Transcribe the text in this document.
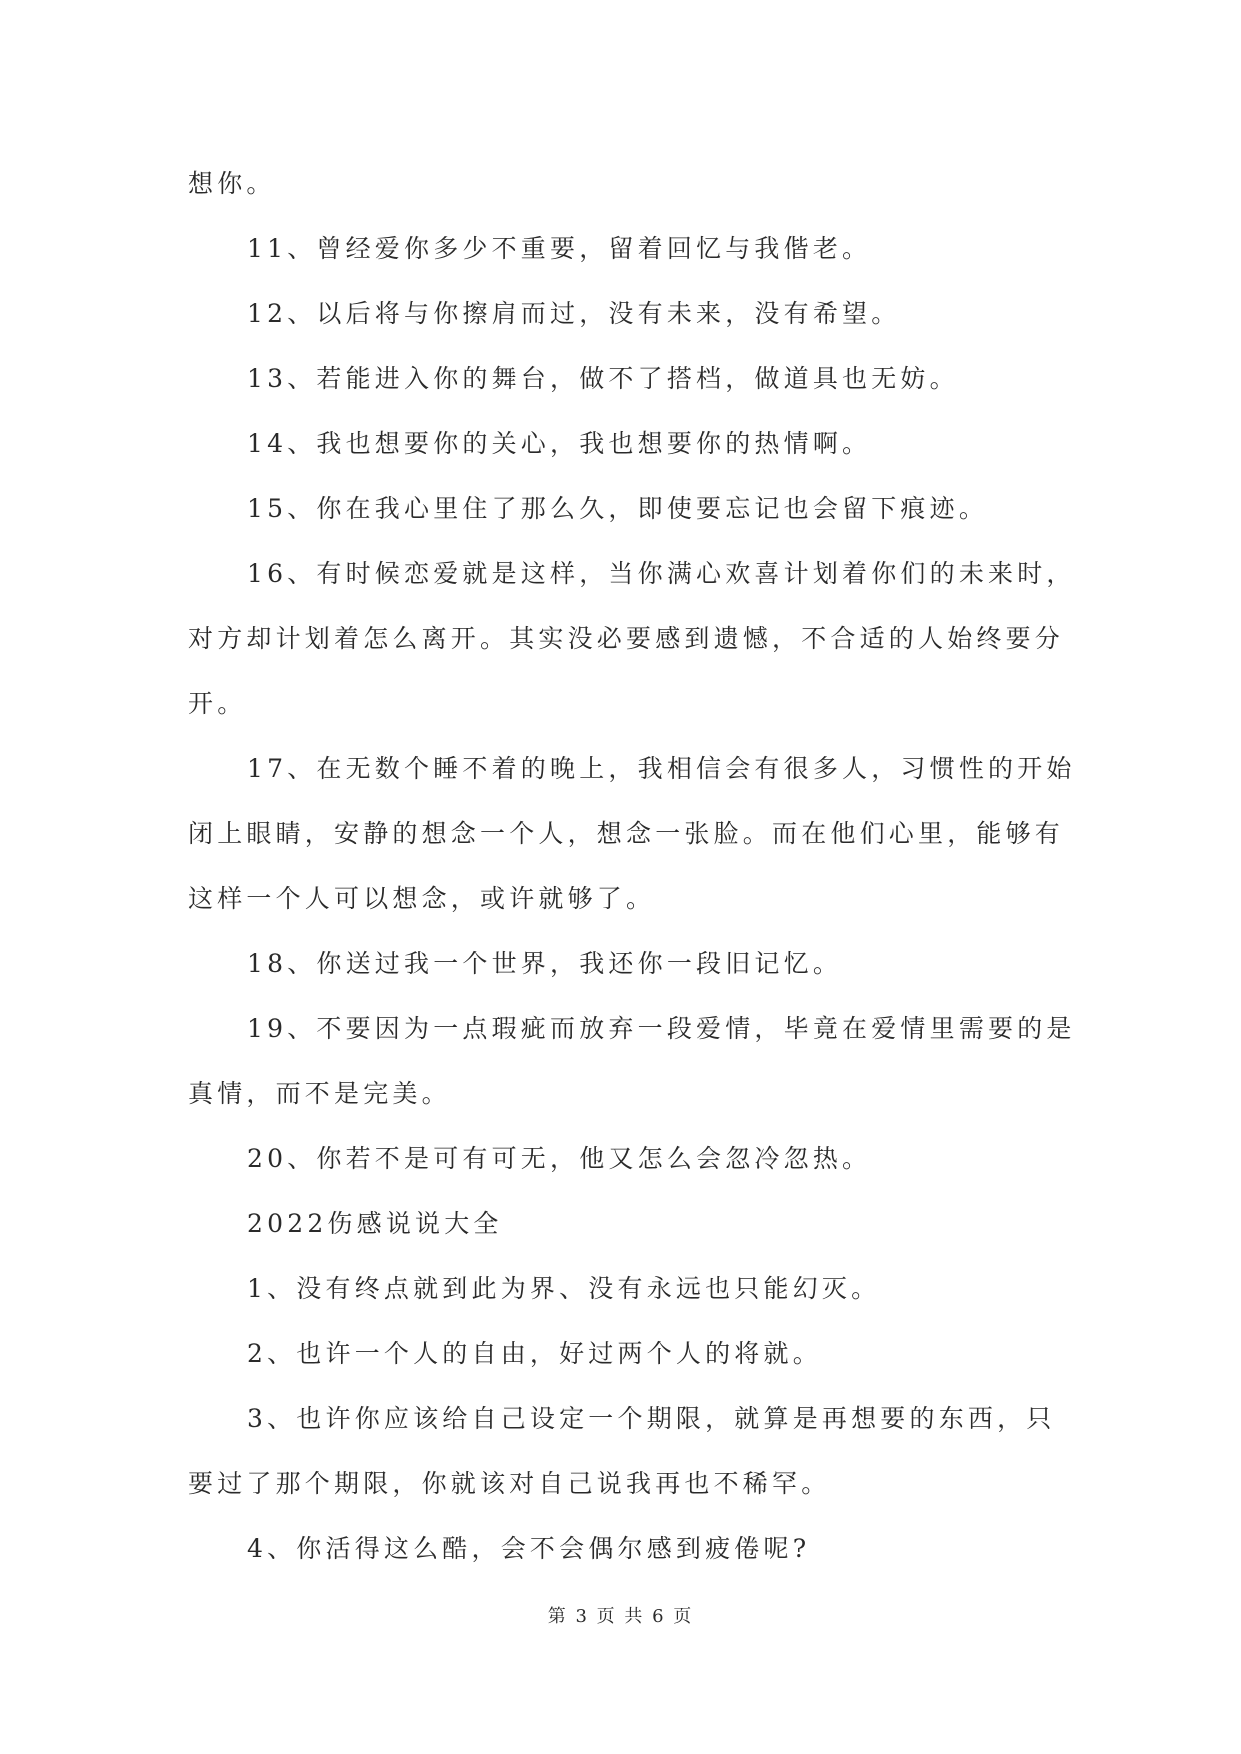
想你。
11、曾经爱你多少不重要，留着回忆与我偕老。
12、以后将与你擦肩而过，没有未来，没有希望。
13、若能进入你的舞台，做不了搭档，做道具也无妨。
14、我也想要你的关心，我也想要你的热情啊。
15、你在我心里住了那么久，即使要忘记也会留下痕迹。
16、有时候恋爱就是这样，当你满心欢喜计划着你们的未来时，
对方却计划着怎么离开。其实没必要感到遗憾，不合适的人始终要分
开。
17、在无数个睡不着的晚上，我相信会有很多人，习惯性的开始
闭上眼睛，安静的想念一个人，想念一张脸。而在他们心里，能够有
这样一个人可以想念，或许就够了。
18、你送过我一个世界，我还你一段旧记忆。
19、不要因为一点瑕疵而放弃一段爱情，毕竟在爱情里需要的是
真情，而不是完美。
20、你若不是可有可无，他又怎么会忽冷忽热。
2022伤感说说大全
1、没有终点就到此为界、没有永远也只能幻灭。
2、也许一个人的自由，好过两个人的将就。
3、也许你应该给自己设定一个期限，就算是再想要的东西，只
要过了那个期限，你就该对自己说我再也不稀罕。
4、你活得这么酷，会不会偶尔感到疲倦呢?
第 3 页 共 6 页
